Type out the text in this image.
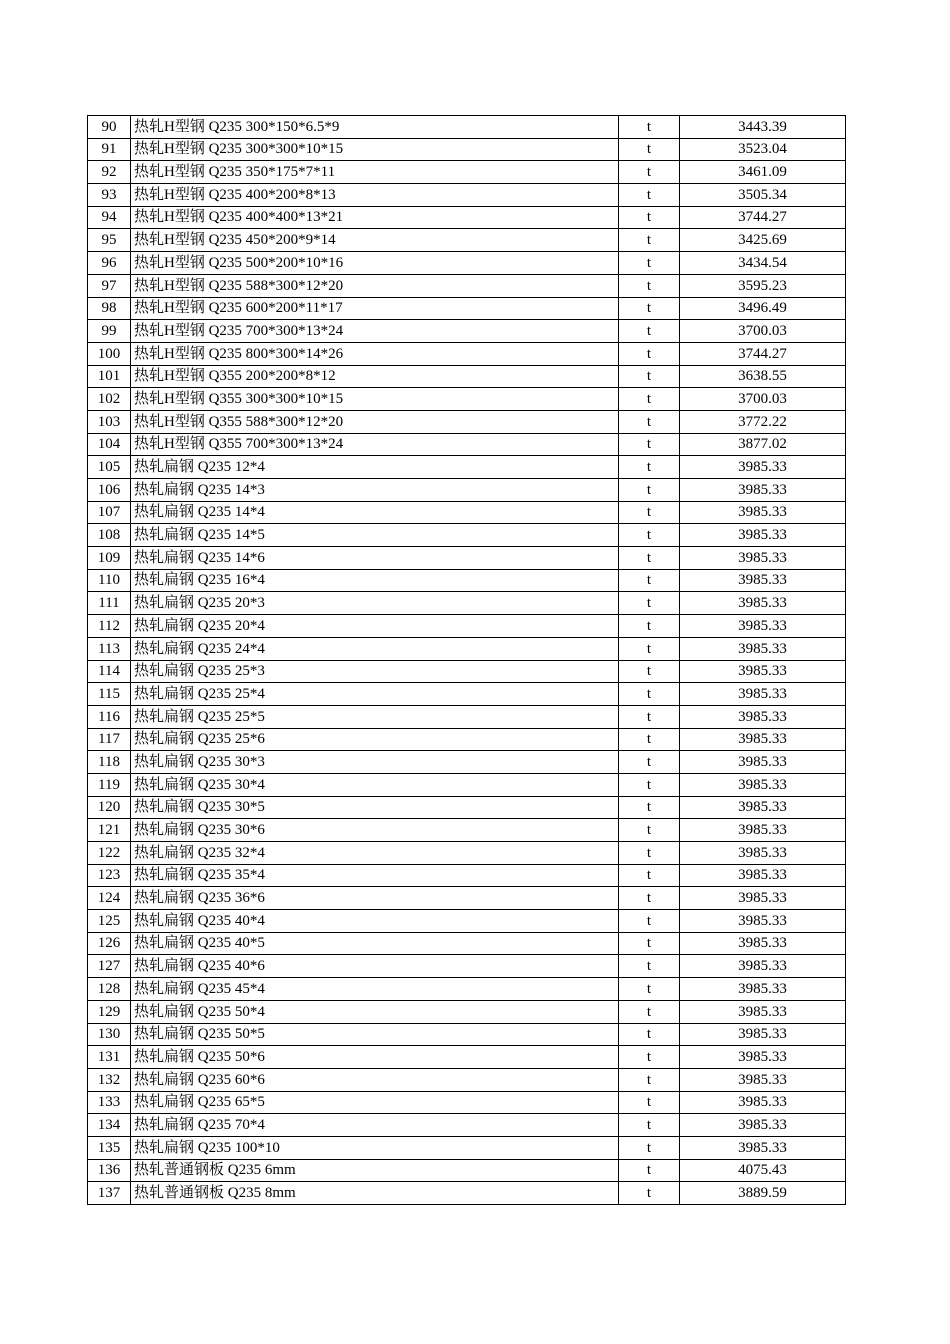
90	热轧H型钢 Q235 300*150*6.5*9	t	3443.39
91	热轧H型钢 Q235 300*300*10*15	t	3523.04
92	热轧H型钢 Q235 350*175*7*11	t	3461.09
93	热轧H型钢 Q235 400*200*8*13	t	3505.34
94	热轧H型钢 Q235 400*400*13*21	t	3744.27
95	热轧H型钢 Q235 450*200*9*14	t	3425.69
96	热轧H型钢 Q235 500*200*10*16	t	3434.54
97	热轧H型钢 Q235 588*300*12*20	t	3595.23
98	热轧H型钢 Q235 600*200*11*17	t	3496.49
99	热轧H型钢 Q235 700*300*13*24	t	3700.03
100	热轧H型钢 Q235 800*300*14*26	t	3744.27
101	热轧H型钢 Q355 200*200*8*12	t	3638.55
102	热轧H型钢 Q355 300*300*10*15	t	3700.03
103	热轧H型钢 Q355 588*300*12*20	t	3772.22
104	热轧H型钢 Q355 700*300*13*24	t	3877.02
105	热轧扁钢 Q235 12*4	t	3985.33
106	热轧扁钢 Q235 14*3	t	3985.33
107	热轧扁钢 Q235 14*4	t	3985.33
108	热轧扁钢 Q235 14*5	t	3985.33
109	热轧扁钢 Q235 14*6	t	3985.33
110	热轧扁钢 Q235 16*4	t	3985.33
111	热轧扁钢 Q235 20*3	t	3985.33
112	热轧扁钢 Q235 20*4	t	3985.33
113	热轧扁钢 Q235 24*4	t	3985.33
114	热轧扁钢 Q235 25*3	t	3985.33
115	热轧扁钢 Q235 25*4	t	3985.33
116	热轧扁钢 Q235 25*5	t	3985.33
117	热轧扁钢 Q235 25*6	t	3985.33
118	热轧扁钢 Q235 30*3	t	3985.33
119	热轧扁钢 Q235 30*4	t	3985.33
120	热轧扁钢 Q235 30*5	t	3985.33
121	热轧扁钢 Q235 30*6	t	3985.33
122	热轧扁钢 Q235 32*4	t	3985.33
123	热轧扁钢 Q235 35*4	t	3985.33
124	热轧扁钢 Q235 36*6	t	3985.33
125	热轧扁钢 Q235 40*4	t	3985.33
126	热轧扁钢 Q235 40*5	t	3985.33
127	热轧扁钢 Q235 40*6	t	3985.33
128	热轧扁钢 Q235 45*4	t	3985.33
129	热轧扁钢 Q235 50*4	t	3985.33
130	热轧扁钢 Q235 50*5	t	3985.33
131	热轧扁钢 Q235 50*6	t	3985.33
132	热轧扁钢 Q235 60*6	t	3985.33
133	热轧扁钢 Q235 65*5	t	3985.33
134	热轧扁钢 Q235 70*4	t	3985.33
135	热轧扁钢 Q235 100*10	t	3985.33
136	热轧普通钢板 Q235 6mm	t	4075.43
137	热轧普通钢板 Q235 8mm	t	3889.59
